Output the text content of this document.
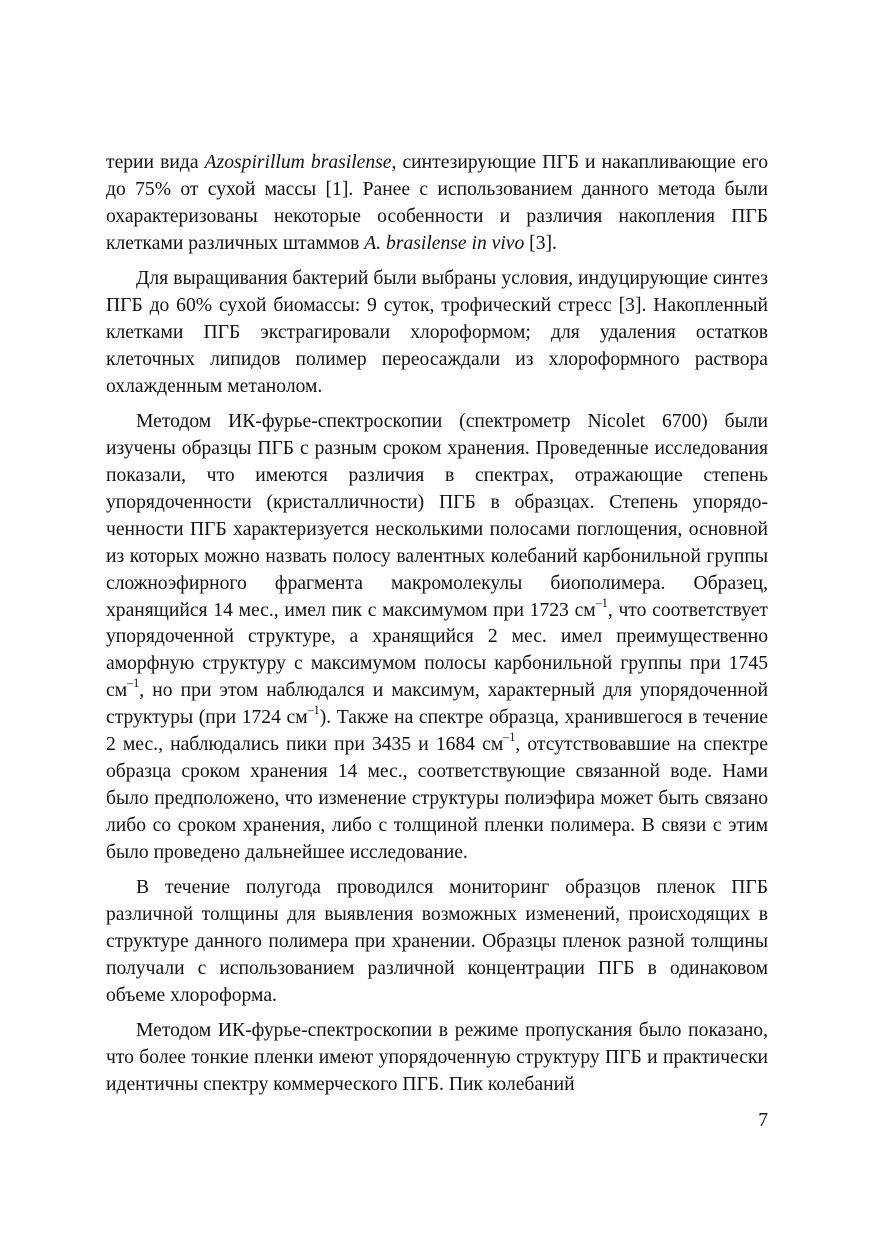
терии вида Azospirillum brasilense, синтезирующие ПГБ и накапливающие его до 75% от сухой массы [1]. Ранее с использованием данного метода были охарактеризованы некоторые особенности и различия накопления ПГБ клетками различных штаммов A. brasilense in vivo [3].

Для выращивания бактерий были выбраны условия, индуцирующие синтез ПГБ до 60% сухой биомассы: 9 суток, трофический стресс [3]. Накопленный клетками ПГБ экстрагировали хлороформом; для удаления остатков клеточных липидов полимер переосаждали из хлороформного раствора охлажденным метанолом.

Методом ИК-фурье-спектроскопии (спектрометр Nicolet 6700) были изучены образцы ПГБ с разным сроком хранения. Проведенные исследования показали, что имеются различия в спектрах, отражающие степень упорядоченности (кристалличности) ПГБ в образцах. Степень упорядоченности ПГБ характеризуется несколькими полосами поглощения, основной из которых можно назвать полосу валентных колебаний карбонильной группы сложноэфирного фрагмента макромолекулы биополимера. Образец, хранящийся 14 мес., имел пик с максимумом при 1723 $см^{-1}$, что соответствует упорядоченной структуре, а хранящийся 2 мес. имел преимущественно аморфную структуру с максимумом полосы карбонильной группы при 1745 $см^{-1}$, но при этом наблюдался и максимум, характерный для упорядоченной структуры (при 1724 $см^{-1}$). Также на спектре образца, хранившегося в течение 2 мес., наблюдались пики при 3435 и 1684 $см^{-1}$, отсутствовавшие на спектре образца сроком хранения 14 мес., соответствующие связанной воде. Нами было предположено, что изменение структуры полиэфира может быть связано либо со сроком хранения, либо с толщиной пленки полимера. В связи с этим было проведено дальнейшее исследование.

В течение полугода проводился мониторинг образцов пленок ПГБ различной толщины для выявления возможных изменений, происходящих в структуре данного полимера при хранении. Образцы пленок разной толщины получали с использованием различной концентрации ПГБ в одинаковом объеме хлороформа.

Методом ИК-фурье-спектроскопии в режиме пропускания было показано, что более тонкие пленки имеют упорядоченную структуру ПГБ и практически идентичны спектру коммерческого ПГБ. Пик колебаний

7
